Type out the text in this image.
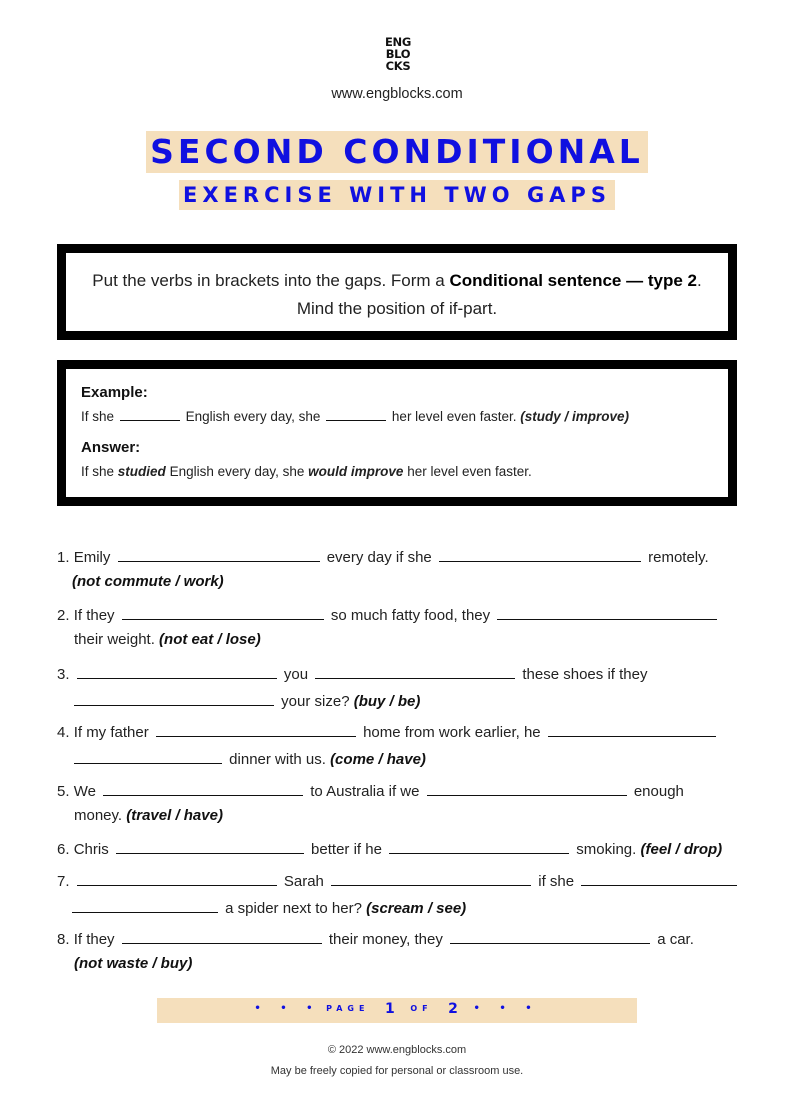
ENG
BLO
CKS
www.engblocks.com
SECOND CONDITIONAL
EXERCISE WITH TWO GAPS
Put the verbs in brackets into the gaps. Form a Conditional sentence — type 2. Mind the position of if-part.

Example:

If she	English every day, she	her level even faster. (study / improve)

Answer:

If she studied English every day, she would improve her level even faster.

1. Emily	every day if she	remotely.
(not commute / work)
2. If they	so much fatty food, they
their weight. (not eat / lose)
3.	you	these shoes if they
your size? (buy / be)
4. If my father	home from work earlier, he
dinner with us. (come / have)
5. We	to Australia if we	enough
money. (travel / have)
6. Chris	better if he	smoking. (feel / drop)
7.	Sarah	if she
a spider next to her? (scream / see)
8. If they	their money, they	a car.
(not waste / buy)
• • • PAGE 1 OF 2 • • •
© 2022 www.engblocks.com
May be freely copied for personal or classroom use.
